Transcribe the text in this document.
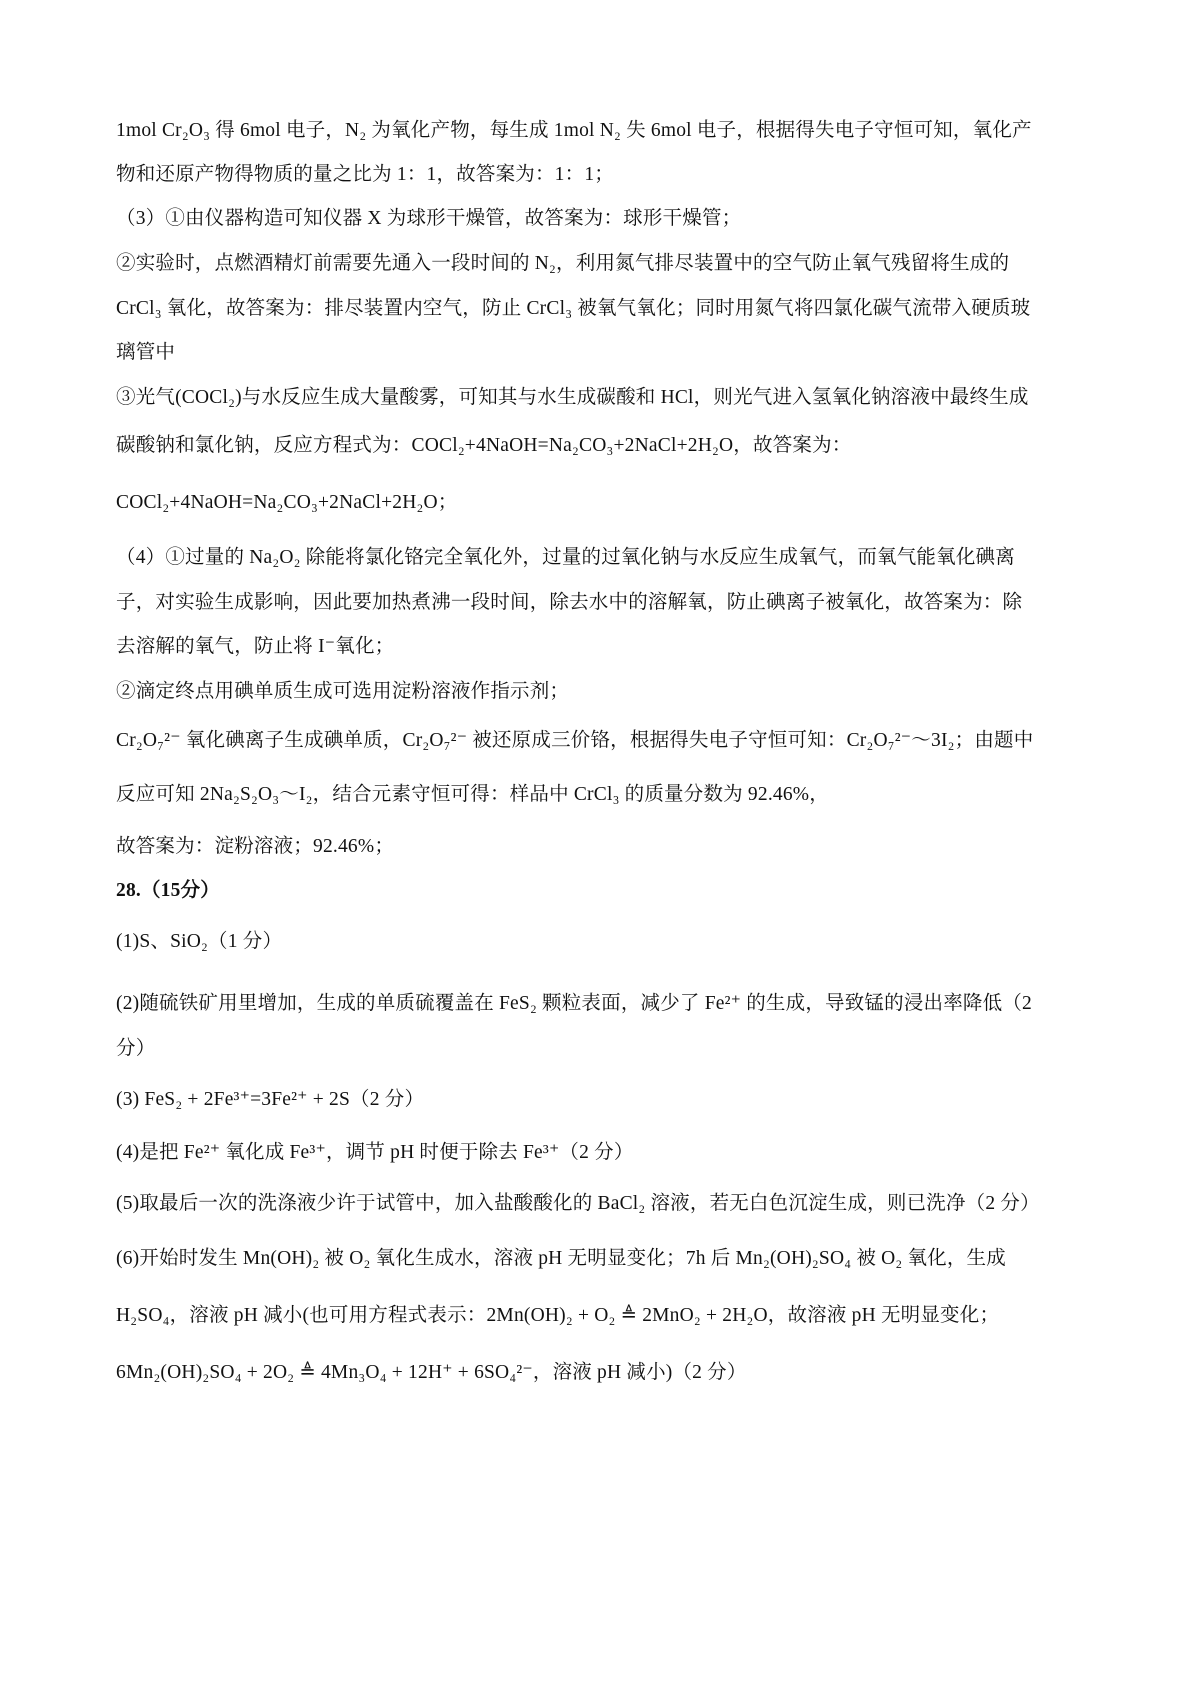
1mol Cr₂O₃ 得 6mol 电子，N₂ 为氧化产物，每生成 1mol N₂ 失 6mol 电子，根据得失电子守恒可知，氧化产
物和还原产物得物质的量之比为 1：1，故答案为：1：1；
（3）①由仪器构造可知仪器 X 为球形干燥管，故答案为：球形干燥管；
②实验时，点燃酒精灯前需要先通入一段时间的 N₂，利用氮气排尽装置中的空气防止氧气残留将生成的
CrCl₃ 氧化，故答案为：排尽装置内空气，防止 CrCl₃ 被氧气氧化；同时用氮气将四氯化碳气流带入硬质玻
璃管中
③光气(COCl₂)与水反应生成大量酸雾，可知其与水生成碳酸和 HCl，则光气进入氢氧化钠溶液中最终生成
碳酸钠和氯化钠，反应方程式为：COCl₂+4NaOH=Na₂CO₃+2NaCl+2H₂O，故答案为：
COCl₂+4NaOH=Na₂CO₃+2NaCl+2H₂O；
（4）①过量的 Na₂O₂ 除能将氯化铬完全氧化外，过量的过氧化钠与水反应生成氧气，而氧气能氧化碘离
子，对实验生成影响，因此要加热煮沸一段时间，除去水中的溶解氧，防止碘离子被氧化，故答案为：除
去溶解的氧气，防止将 I⁻氧化；
②滴定终点用碘单质生成可选用淀粉溶液作指示剂；
Cr₂O₇²⁻ 氧化碘离子生成碘单质，Cr₂O₇²⁻ 被还原成三价铬，根据得失电子守恒可知：Cr₂O₇²⁻～3I₂；由题中
反应可知 2Na₂S₂O₃～I₂，结合元素守恒可得：样品中 CrCl₃ 的质量分数为 92.46%，
故答案为：淀粉溶液；92.46%；
28.（15分）
(1)S、SiO₂（1 分）
(2)随硫铁矿用里增加，生成的单质硫覆盖在 FeS₂ 颗粒表面，减少了 Fe²⁺ 的生成，导致锰的浸出率降低（2
分）
(3) FeS₂ + 2Fe³⁺=3Fe²⁺ + 2S（2 分）
(4)是把 Fe²⁺ 氧化成 Fe³⁺，调节 pH 时便于除去 Fe³⁺（2 分）
(5)取最后一次的洗涤液少许于试管中，加入盐酸酸化的 BaCl₂ 溶液，若无白色沉淀生成，则已洗净（2 分）
(6)开始时发生 Mn(OH)₂ 被 O₂ 氧化生成水，溶液 pH 无明显变化；7h 后 Mn₂(OH)₂SO₄ 被 O₂ 氧化，生成
H₂SO₄，溶液 pH 减小(也可用方程式表示：2Mn(OH)₂ + O₂ ≜ 2MnO₂ + 2H₂O，故溶液 pH 无明显变化；
6Mn₂(OH)₂SO₄ + 2O₂ ≜ 4Mn₃O₄ + 12H⁺ + 6SO₄²⁻，溶液 pH 减小)（2 分）
